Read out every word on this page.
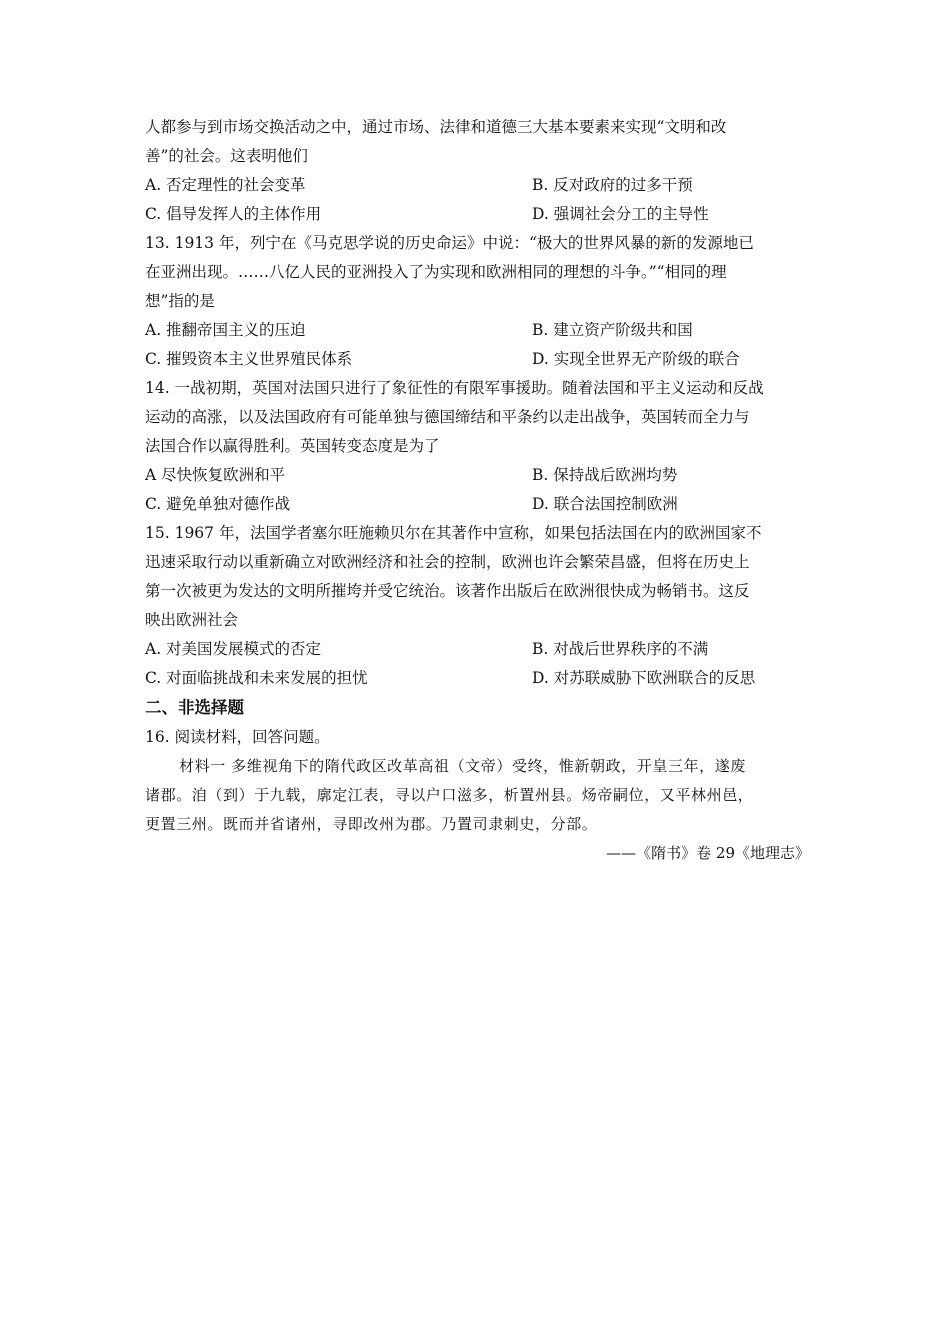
人都参与到市场交换活动之中，通过市场、法律和道德三大基本要素来实现“文明和改
善”的社会。这表明他们
A. 否定理性的社会变革	B. 反对政府的过多干预
C. 倡导发挥人的主体作用	D. 强调社会分工的主导性
13. 1913 年，列宁在《马克思学说的历史命运》中说：“极大的世界风暴的新的发源地已
在亚洲出现。……八亿人民的亚洲投入了为实现和欧洲相同的理想的斗争。”“相同的理
想”指的是
A. 推翻帝国主义的压迫	B. 建立资产阶级共和国
C. 摧毁资本主义世界殖民体系	D. 实现全世界无产阶级的联合
14. 一战初期，英国对法国只进行了象征性的有限军事援助。随着法国和平主义运动和反战
运动的高涨，以及法国政府有可能单独与德国缔结和平条约以走出战争，英国转而全力与
法国合作以赢得胜利。英国转变态度是为了
A 尽快恢复欧洲和平	B. 保持战后欧洲均势
C. 避免单独对德作战	D. 联合法国控制欧洲
15. 1967 年，法国学者塞尔旺施赖贝尔在其著作中宣称，如果包括法国在内的欧洲国家不
迅速采取行动以重新确立对欧洲经济和社会的控制，欧洲也许会繁荣昌盛，但将在历史上
第一次被更为发达的文明所摧垮并受它统治。该著作出版后在欧洲很快成为畅销书。这反
映出欧洲社会
A. 对美国发展模式的否定	B. 对战后世界秩序的不满
C. 对面临挑战和未来发展的担忧	D. 对苏联威胁下欧洲联合的反思
二、非选择题
16. 阅读材料，回答问题。
材料一 多维视角下的隋代政区改革高祖（文帝）受终，惟新朝政，开皇三年，遂废
诸郡。洎（到）于九载，廓定江表，寻以户口滋多，析置州县。炀帝嗣位，又平林州邑，
更置三州。既而并省诸州，寻即改州为郡。乃置司隶刺史，分部。
——《隋书》卷 29《地理志》
